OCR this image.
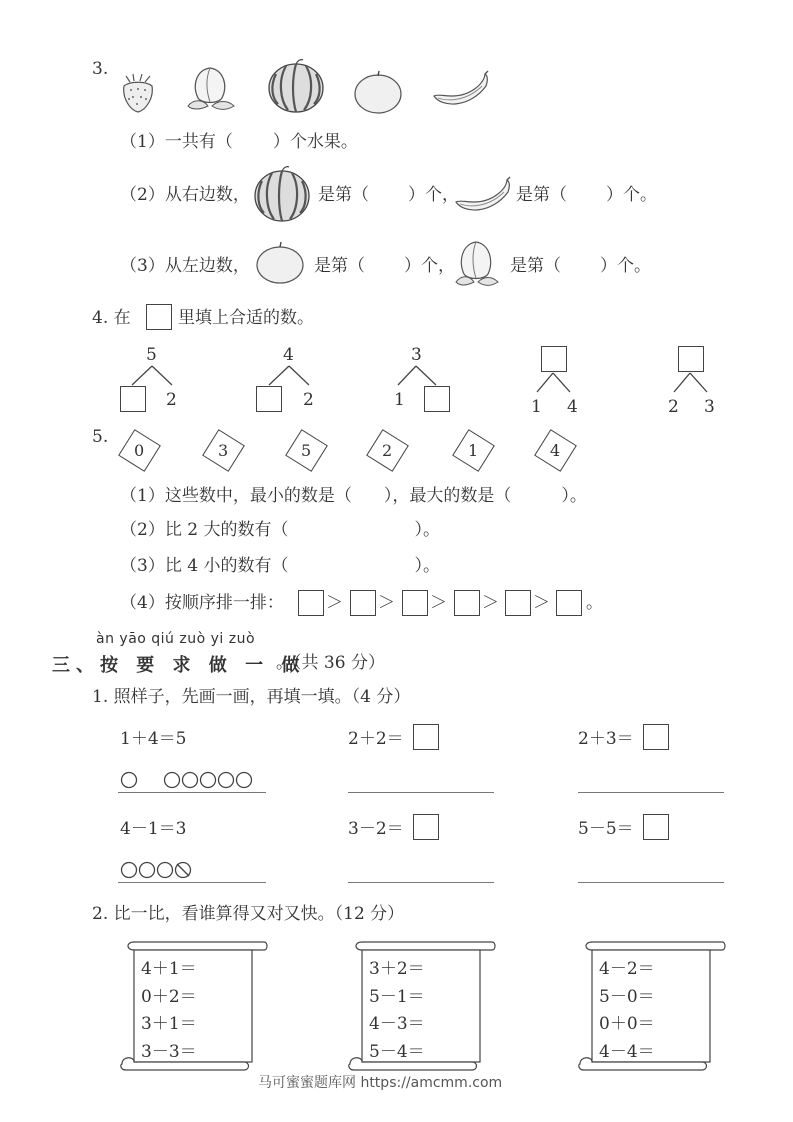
3.
（1）一共有（ ）个水果。
（2）从右边数，	是第（ ）个，	是第（ ）个。
（3）从左边数，	是第（ ）个，	是第（ ）个。
4. 在	里填上合适的数。
5
2
4
2
3
1	1 4	2 3
5.
0	3	5	2	1	4
（1）这些数中，最小的数是（ ），最大的数是（	）。
（2）比 2 大的数有（	）。
（3）比 4 小的数有（	）。
（4）按顺序排一排： ＞ ＞ ＞ ＞ ＞ 。
àn yāo qiú zuò yi zuò
三、按 要 求 做 一 做
。（共 36 分）
1. 照样子，先画一画，再填一填。（4 分）
1＋4＝5	2＋2＝	2＋3＝
4－1＝3	3－2＝	5－5＝
2. 比一比，看谁算得又对又快。（12 分）
4＋1＝
0＋2＝
3＋1＝
3－3＝
3＋2＝
5－1＝
4－3＝
5－4＝
4－2＝
5－0＝
0＋0＝
4－4＝
马可蜜蜜题库网 https://amcmm.com
